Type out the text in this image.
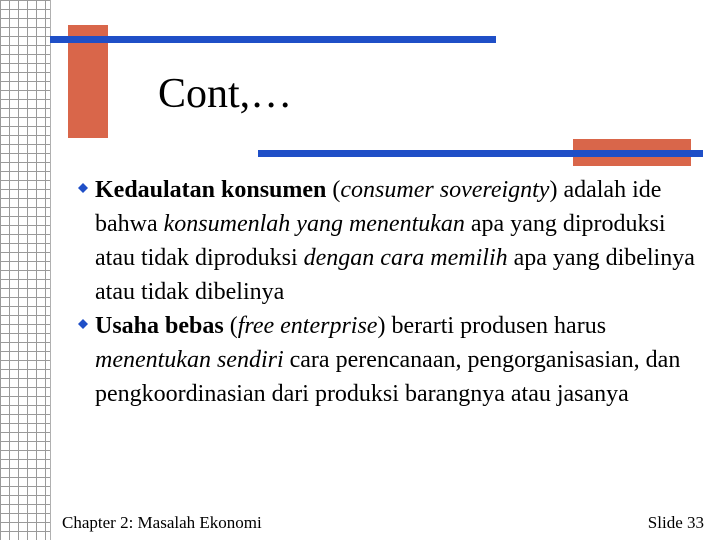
Cont,…
Kedaulatan konsumen (consumer sovereignty) adalah ide bahwa konsumenlah yang menentukan apa yang diproduksi atau tidak diproduksi dengan cara memilih apa yang dibelinya atau tidak dibelinya
Usaha bebas (free enterprise) berarti produsen harus menentukan sendiri cara perencanaan, pengorganisasian, dan pengkoordinasian dari produksi barangnya atau jasanya
Chapter 2: Masalah Ekonomi	Slide 33
